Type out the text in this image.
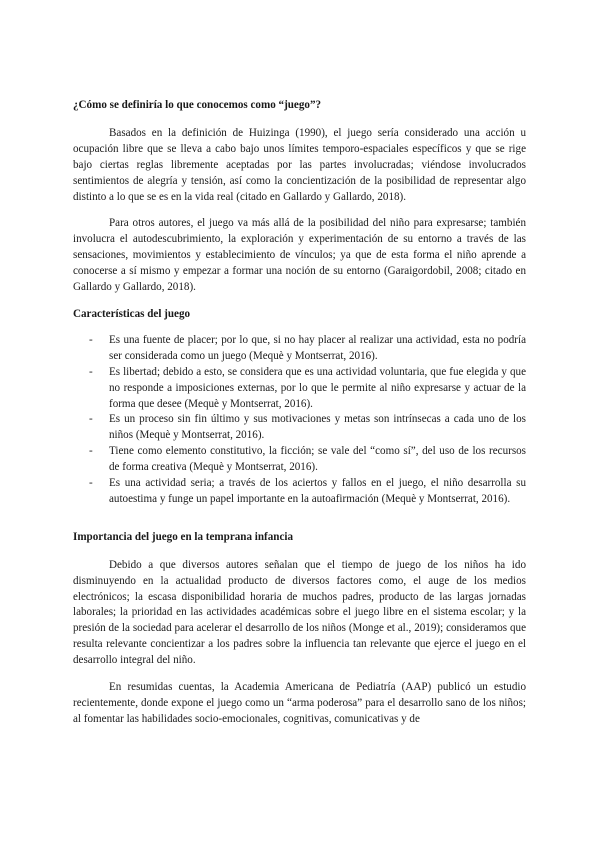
¿Cómo se definiría lo que conocemos como “juego”?

Basados en la definición de Huizinga (1990), el juego sería considerado una acción u ocupación libre que se lleva a cabo bajo unos límites temporo-espaciales específicos y que se rige bajo ciertas reglas libremente aceptadas por las partes involucradas; viéndose involucrados sentimientos de alegría y tensión, así como la concientización de la posibilidad de representar algo distinto a lo que se es en la vida real (citado en Gallardo y Gallardo, 2018).

Para otros autores, el juego va más allá de la posibilidad del niño para expresarse; también involucra el autodescubrimiento, la exploración y experimentación de su entorno a través de las sensaciones, movimientos y establecimiento de vínculos; ya que de esta forma el niño aprende a conocerse a sí mismo y empezar a formar una noción de su entorno (Garaigordobil, 2008; citado en Gallardo y Gallardo, 2018).

Características del juego
- Es una fuente de placer; por lo que, si no hay placer al realizar una actividad, esta no podría ser considerada como un juego (Mequè y Montserrat, 2016).
- Es libertad; debido a esto, se considera que es una actividad voluntaria, que fue elegida y que no responde a imposiciones externas, por lo que le permite al niño expresarse y actuar de la forma que desee (Mequè y Montserrat, 2016).
- Es un proceso sin fin último y sus motivaciones y metas son intrínsecas a cada uno de los niños (Mequè y Montserrat, 2016).
- Tiene como elemento constitutivo, la ficción; se vale del “como sí”, del uso de los recursos de forma creativa (Mequè y Montserrat, 2016).
- Es una actividad seria; a través de los aciertos y fallos en el juego, el niño desarrolla su autoestima y funge un papel importante en la autoafirmación (Mequè y Montserrat, 2016).
Importancia del juego en la temprana infancia

Debido a que diversos autores señalan que el tiempo de juego de los niños ha ido disminuyendo en la actualidad producto de diversos factores como, el auge de los medios electrónicos; la escasa disponibilidad horaria de muchos padres, producto de las largas jornadas laborales; la prioridad en las actividades académicas sobre el juego libre en el sistema escolar; y la presión de la sociedad para acelerar el desarrollo de los niños (Monge et al., 2019); consideramos que resulta relevante concientizar a los padres sobre la influencia tan relevante que ejerce el juego en el desarrollo integral del niño.

En resumidas cuentas, la Academia Americana de Pediatría (AAP) publicó un estudio recientemente, donde expone el juego como un “arma poderosa” para el desarrollo sano de los niños; al fomentar las habilidades socio-emocionales, cognitivas, comunicativas y de
